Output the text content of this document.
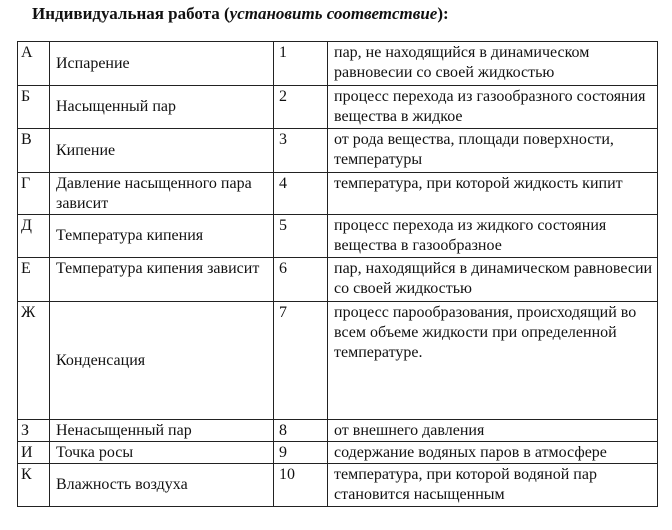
Индивидуальная работа (установить соответствие):
А	Испарение	1	пар, не находящийся в динамическом равновесии со своей жидкостью
Б	Насыщенный пар	2	процесс перехода из газообразного состояния вещества в жидкое
В	Кипение	3	от рода вещества, площади поверхности, температуры
Г	Давление насыщенного пара зависит	4	температура, при которой жидкость кипит
Д	Температура кипения	5	процесс перехода из жидкого состояния вещества в газообразное
Е	Температура кипения зависит	6	пар, находящийся в динамическом равновесии со своей жидкостью
Ж	Конденсация	7	процесс парообразования, происходящий во всем объеме жидкости при определенной температуре.
З	Ненасыщенный пар	8	от внешнего давления
И	Точка росы	9	содержание водяных паров в атмосфере
К	Влажность воздуха	10	температура, при которой водяной пар становится насыщенным
